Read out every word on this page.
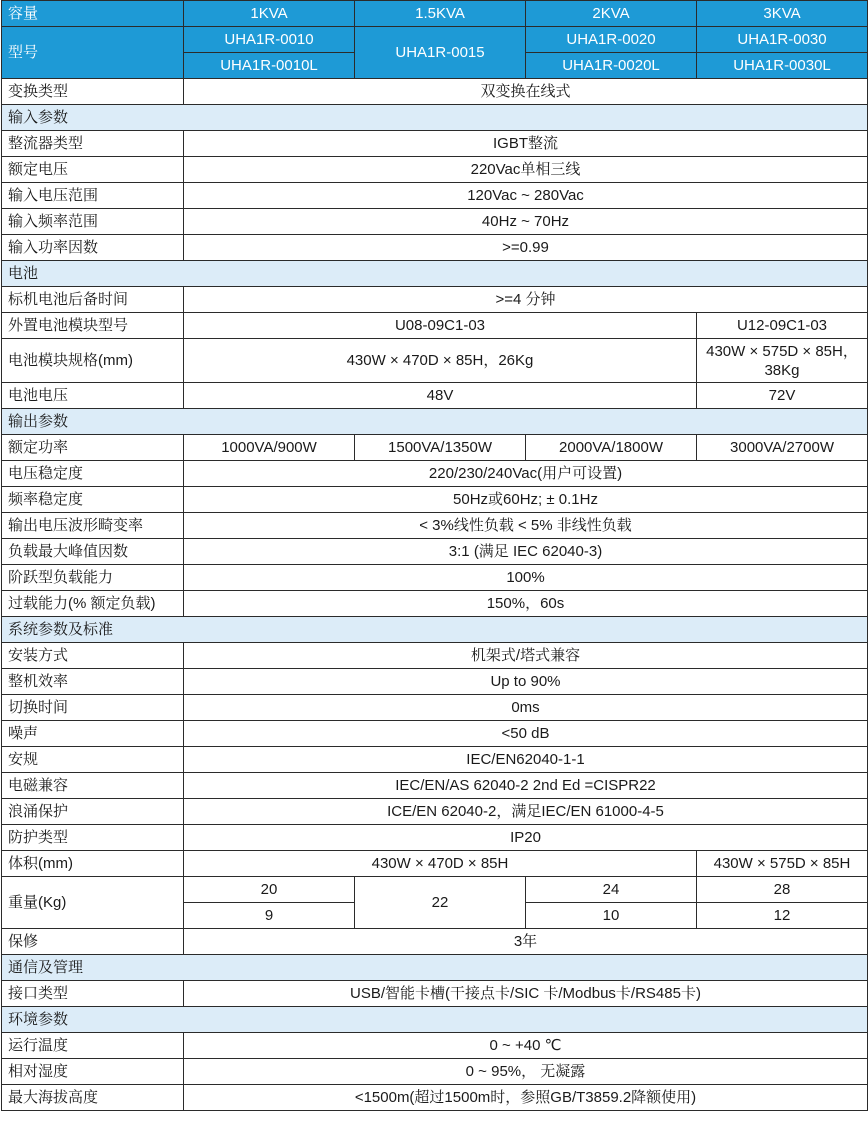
容量	1KVA	1.5KVA	2KVA	3KVA
型号	UHA1R-0010	UHA1R-0015	UHA1R-0020	UHA1R-0030
	UHA1R-0010L		UHA1R-0020L	UHA1R-0030L
变换类型	双变换在线式			
输入参数				
整流器类型	IGBT整流			
额定电压	220Vac单相三线			
输入电压范围	120Vac ~ 280Vac			
输入频率范围	40Hz ~ 70Hz			
输入功率因数	>=0.99			
电池				
标机电池后备时间	>=4 分钟			
外置电池模块型号	U08-09C1-03			U12-09C1-03
电池模块规格(mm)	430W × 470D × 85H，26Kg			430W × 575D × 85H，38Kg
电池电压	48V			72V
输出参数				
额定功率	1000VA/900W	1500VA/1350W	2000VA/1800W	3000VA/2700W
电压稳定度	220/230/240Vac(用户可设置)			
频率稳定度	50Hz或60Hz; ± 0.1Hz			
输出电压波形畸变率	< 3%线性负载 < 5% 非线性负载			
负载最大峰值因数	3:1 (满足 IEC 62040-3)			
阶跃型负载能力	100%			
过载能力(% 额定负载)	150%，60s			
系统参数及标准				
安装方式	机架式/塔式兼容			
整机效率	Up to 90%			
切换时间	0ms			
噪声	<50 dB			
安规	IEC/EN62040-1-1			
电磁兼容	IEC/EN/AS 62040-2 2nd Ed =CISPR22			
浪涌保护	ICE/EN 62040-2，满足IEC/EN 61000-4-5			
防护类型	IP20			
体积(mm)	430W × 470D × 85H			430W × 575D × 85H
重量(Kg)	20	22	24	28
	9		10	12
保修	3年			
通信及管理				
接口类型	USB/智能卡槽(干接点卡/SIC 卡/Modbus卡/RS485卡)			
环境参数				
运行温度	0 ~ +40 ℃			
相对湿度	0 ~ 95%， 无凝露			
最大海拔高度	<1500m(超过1500m时，参照GB/T3859.2降额使用)			
